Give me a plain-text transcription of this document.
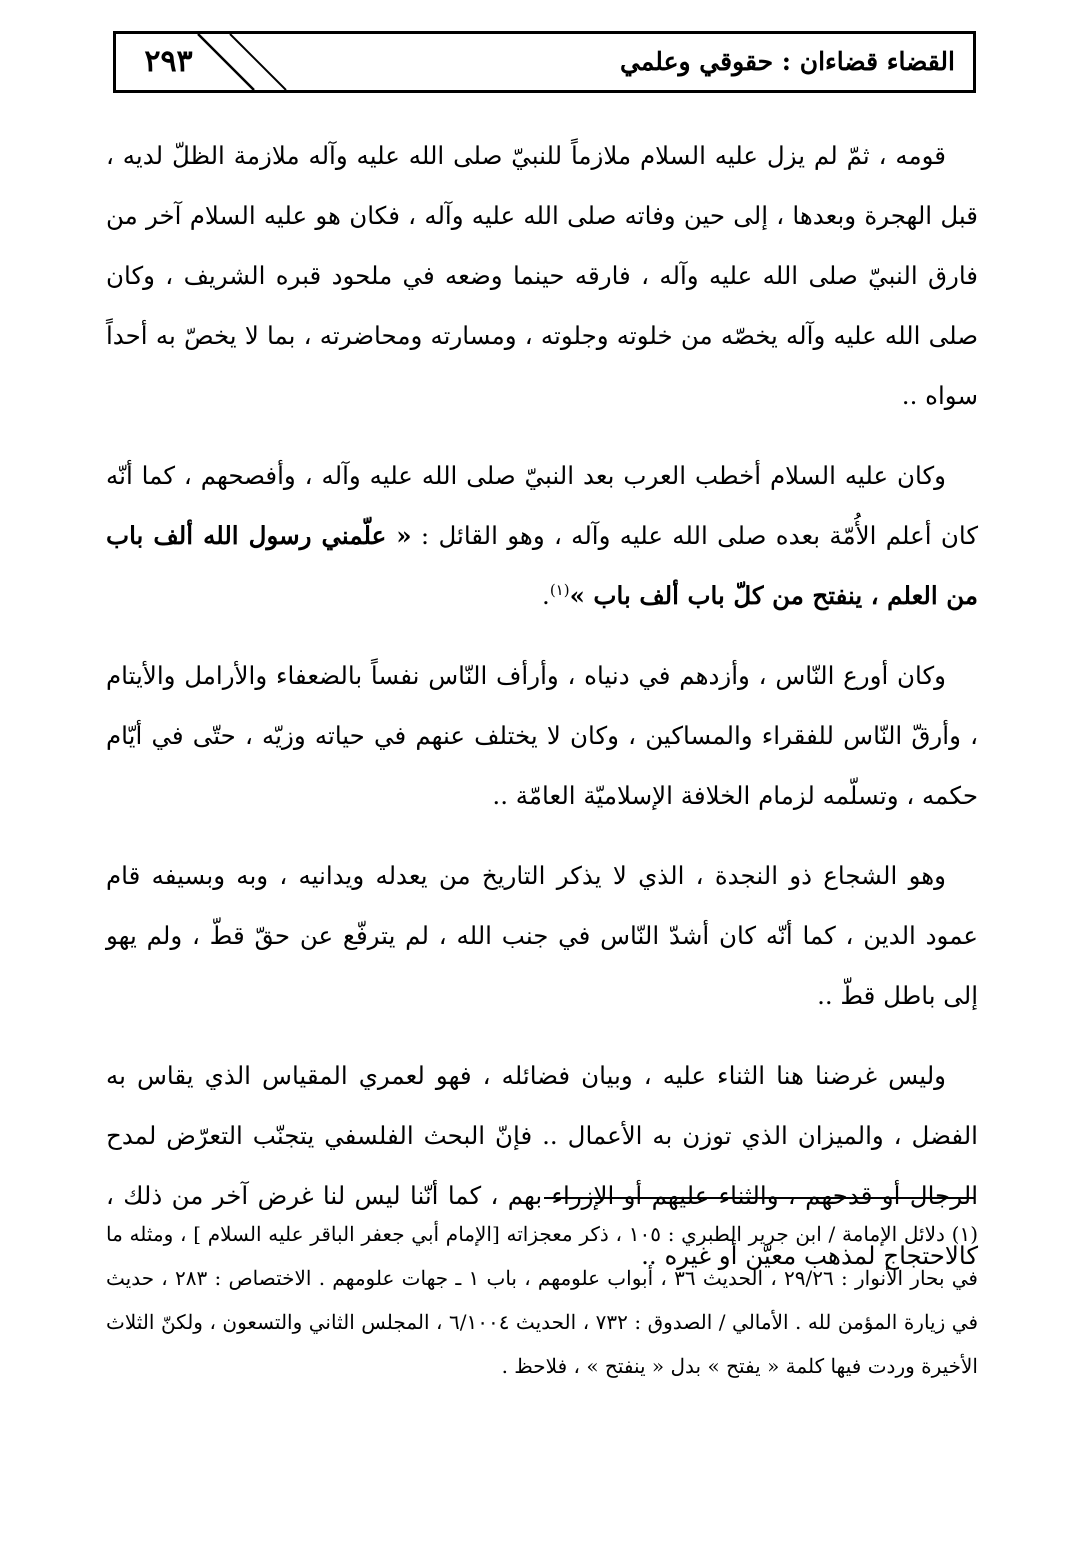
٢٩٣	القضاء قضاءان : حقوقي وعلمي

قومه ، ثمّ لم يزل عليه السلام ملازماً للنبيّ صلى الله عليه وآله ملازمة الظلّ لديه ، قبل الهجرة وبعدها ، إلى حين وفاته صلى الله عليه وآله ، فكان هو عليه السلام آخر من فارق النبيّ صلى الله عليه وآله ، فارقه حينما وضعه في ملحود قبره الشريف ، وكان صلى الله عليه وآله يخصّه من خلوته وجلوته ، ومسارته ومحاضرته ، بما لا يخصّ به أحداً سواه ..

وكان عليه السلام أخطب العرب بعد النبيّ صلى الله عليه وآله ، وأفصحهم ، كما أنّه كان أعلم الأُمّة بعده صلى الله عليه وآله ، وهو القائل : « علّمني رسول الله ألف باب من العلم ، ينفتح من كلّ باب ألف باب »$^{(١)}$.

وكان أورع النّاس ، وأزدهم في دنياه ، وأرأف النّاس نفساً بالضعفاء والأرامل والأيتام ، وأرقّ النّاس للفقراء والمساكين ، وكان لا يختلف عنهم في حياته وزيّه ، حتّى في أيّام حكمه ، وتسلّمه لزمام الخلافة الإسلاميّة العامّة ..

وهو الشجاع ذو النجدة ، الذي لا يذكر التاريخ من يعدله ويدانيه ، وبه وبسيفه قام عمود الدين ، كما أنّه كان أشدّ النّاس في جنب الله ، لم يترفّع عن حقّ قطّ ، ولم يهو إلى باطل قطّ ..

وليس غرضنا هنا الثناء عليه ، وبيان فضائله ، فهو لعمري المقياس الذي يقاس به الفضل ، والميزان الذي توزن به الأعمال .. فإنّ البحث الفلسفي يتجنّب التعرّض لمدح الرجال أو قدحهم ، والثناء عليهم أو الإزراء بهم ، كما أنّنا ليس لنا غرض آخر من ذلك ، كالاحتجاج لمذهب معيّن أو غيره ..

(١) دلائل الإمامة / ابن جرير الطبري : ١٠٥ ، ذكر معجزاته [الإمام أبي جعفر الباقر عليه السلام ] ، ومثله ما في بحار الأنوار : ٢٩/٢٦ ، الحديث ٣٦ ، أبواب علومهم ، باب ١ ـ جهات علومهم . الاختصاص : ٢٨٣ ، حديث في زيارة المؤمن لله . الأمالي / الصدوق : ٧٣٢ ، الحديث ٦/١٠٠٤ ، المجلس الثاني والتسعون ، ولكنّ الثلاث الأخيرة وردت فيها كلمة « يفتح » بدل « ينفتح » ، فلاحظ .
